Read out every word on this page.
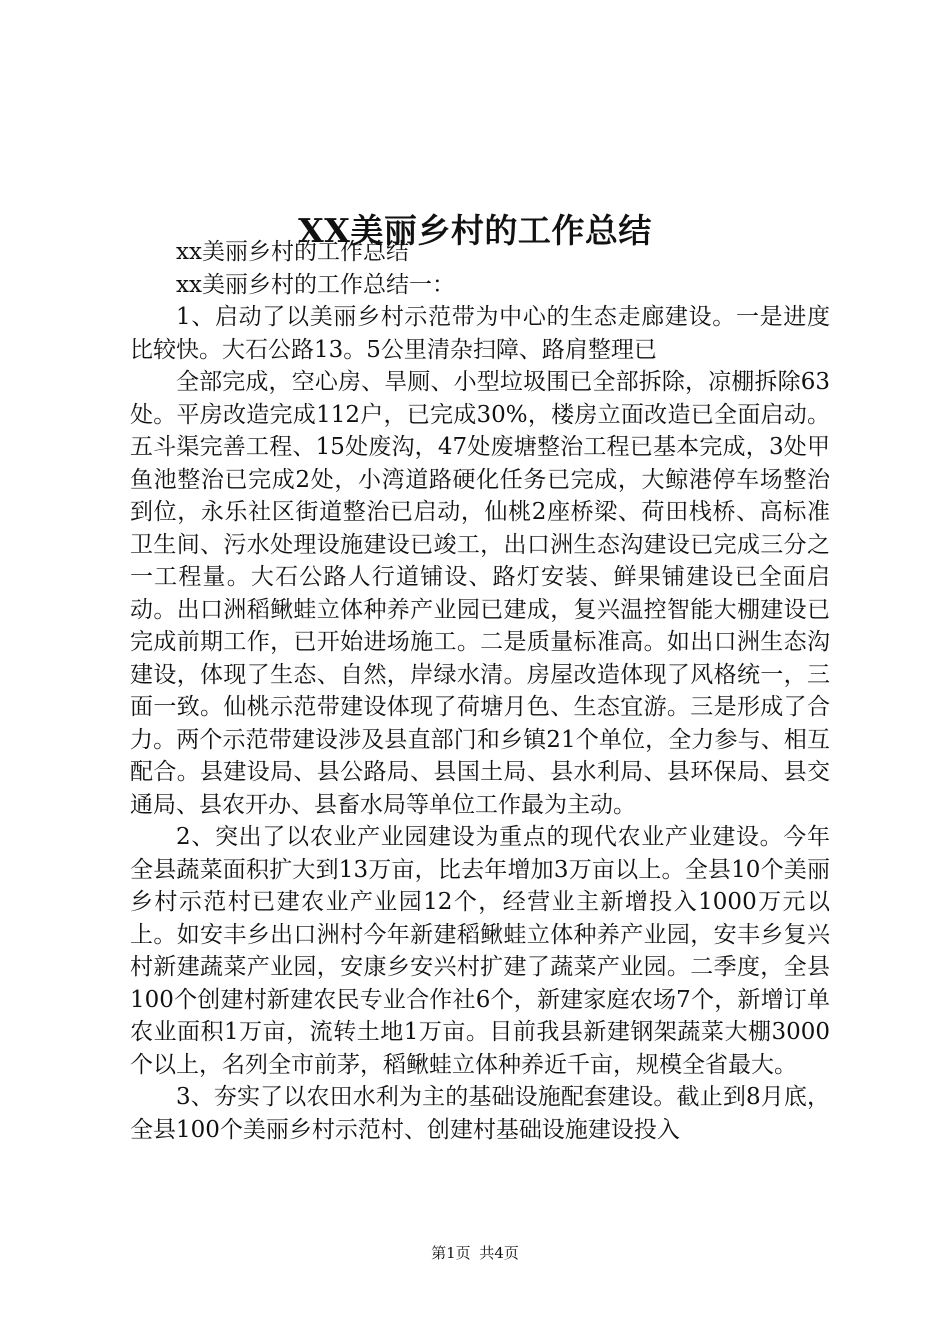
XX美丽乡村的工作总结

xx美丽乡村的工作总结

xx美丽乡村的工作总结一：

1、启动了以美丽乡村示范带为中心的生态走廊建设。一是进度比较快。大石公路13。5公里清杂扫障、路肩整理已

全部完成，空心房、旱厕、小型垃圾围已全部拆除，凉棚拆除63处。平房改造完成112户，已完成30%，楼房立面改造已全面启动。五斗渠完善工程、15处废沟，47处废塘整治工程已基本完成，3处甲鱼池整治已完成2处，小湾道路硬化任务已完成，大鲸港停车场整治到位，永乐社区街道整治已启动，仙桃2座桥梁、荷田栈桥、高标准卫生间、污水处理设施建设已竣工，出口洲生态沟建设已完成三分之一工程量。大石公路人行道铺设、路灯安装、鲜果铺建设已全面启动。出口洲稻鳅蛙立体种养产业园已建成，复兴温控智能大棚建设已完成前期工作，已开始进场施工。二是质量标准高。如出口洲生态沟建设，体现了生态、自然，岸绿水清。房屋改造体现了风格统一，三面一致。仙桃示范带建设体现了荷塘月色、生态宜游。三是形成了合力。两个示范带建设涉及县直部门和乡镇21个单位，全力参与、相互配合。县建设局、县公路局、县国土局、县水利局、县环保局、县交通局、县农开办、县畜水局等单位工作最为主动。

2、突出了以农业产业园建设为重点的现代农业产业建设。今年全县蔬菜面积扩大到13万亩，比去年增加3万亩以上。全县10个美丽乡村示范村已建农业产业园12个，经营业主新增投入1000万元以上。如安丰乡出口洲村今年新建稻鳅蛙立体种养产业园，安丰乡复兴村新建蔬菜产业园，安康乡安兴村扩建了蔬菜产业园。二季度，全县100个创建村新建农民专业合作社6个，新建家庭农场7个，新增订单农业面积1万亩，流转土地1万亩。目前我县新建钢架蔬菜大棚3000个以上，名列全市前茅，稻鳅蛙立体种养近千亩，规模全省最大。

3、夯实了以农田水利为主的基础设施配套建设。截止到8月底，全县100个美丽乡村示范村、创建村基础设施建设投入

第1页 共4页
